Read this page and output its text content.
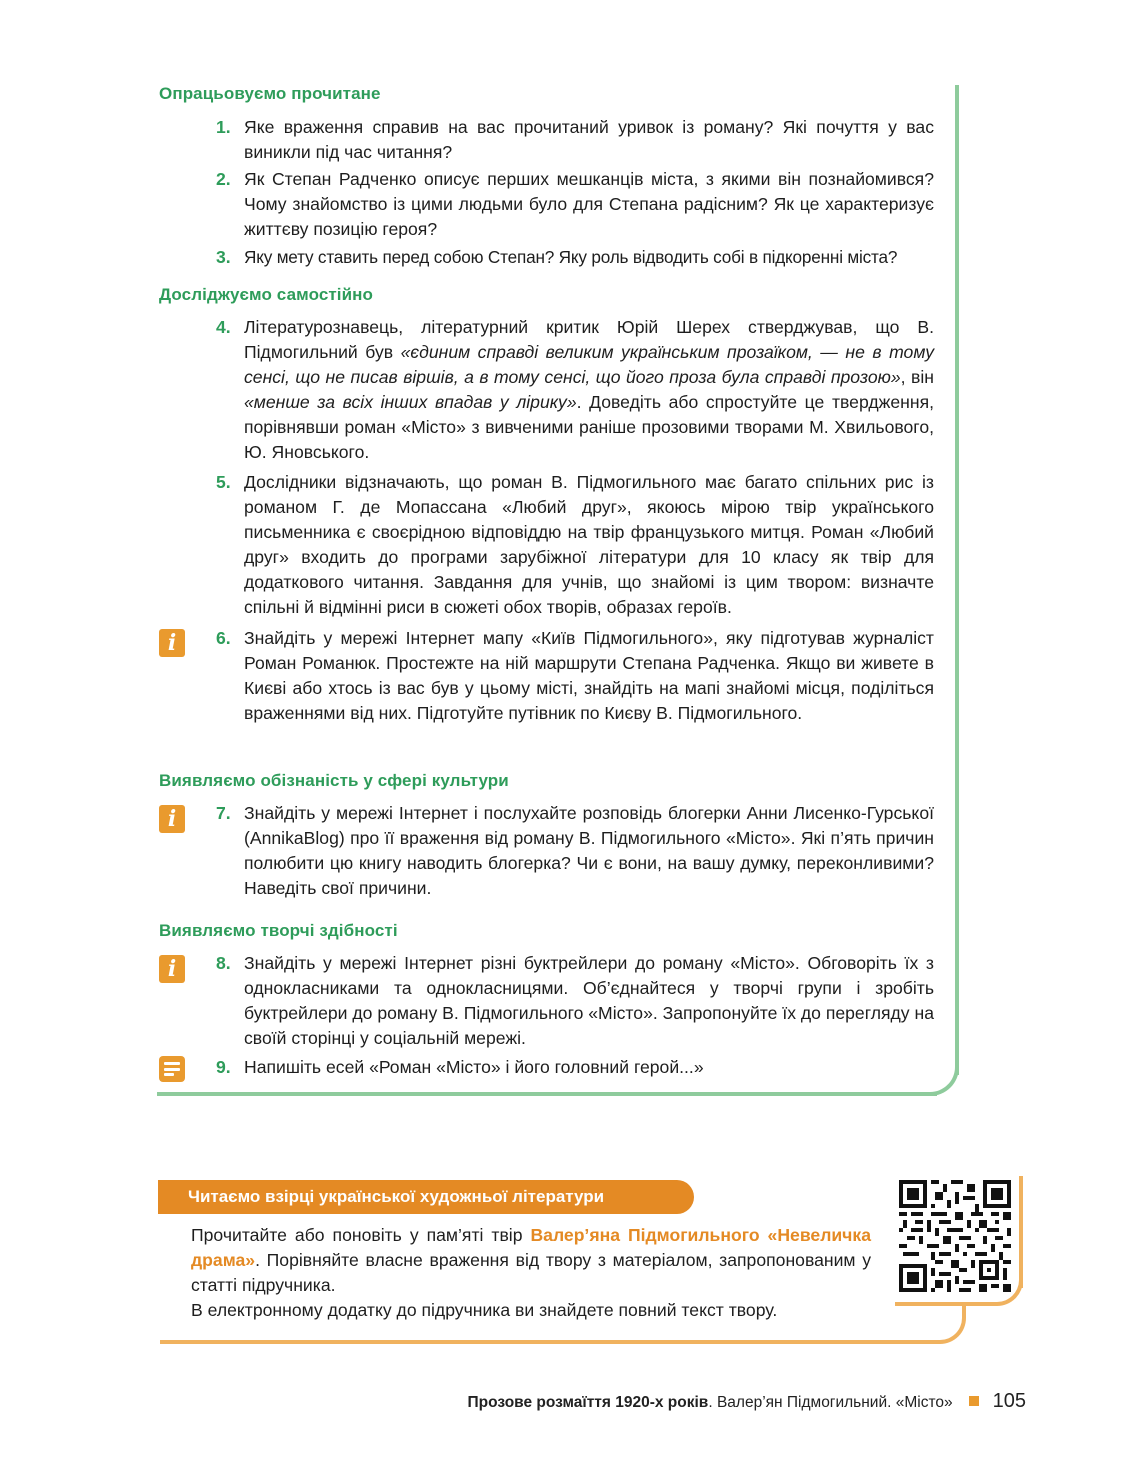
Опрацьовуємо прочитане
1. Яке враження справив на вас прочитаний уривок із роману? Які почуття у вас виникли під час читання?
2. Як Степан Радченко описує перших мешканців міста, з якими він познайомився? Чому знайомство із цими людьми було для Степана радісним? Як це характеризує життєву позицію героя?
3. Яку мету ставить перед собою Степан? Яку роль відводить собі в підкоренні міста?
Досліджуємо самостійно
4. Літературознавець, літературний критик Юрій Шерех стверджував, що В. Підмогильний був «єдиним справді великим українським прозаїком, — не в тому сенсі, що не писав віршів, а в тому сенсі, що його проза була справді прозою», він «менше за всіх інших впадав у лірику». Доведіть або спростуйте це твердження, порівнявши роман «Місто» з вивченими раніше прозовими творами М. Хвильового, Ю. Яновського.
5. Дослідники відзначають, що роман В. Підмогильного має багато спільних рис із романом Г. де Мопассана «Любий друг», якоюсь мірою твір українського письменника є своєрідною відповіддю на твір французького митця. Роман «Любий друг» входить до програми зарубіжної літератури для 10 класу як твір для додаткового читання. Завдання для учнів, що знайомі із цим твором: визначте спільні й відмінні риси в сюжеті обох творів, образах героїв.
i	6. Знайдіть у мережі Інтернет мапу «Київ Підмогильного», яку підготував журналіст Роман Романюк. Простежте на ній маршрути Степана Радченка. Якщо ви живете в Києві або хтось із вас був у цьому місті, знайдіть на мапі знайомі місця, поділіться враженнями від них. Підготуйте путівник по Києву В. Підмогильного.
Виявляємо обізнаність у сфері культури
i	7. Знайдіть у мережі Інтернет і послухайте розповідь блогерки Анни Лисенко-Гурської (AnnikaBlog) про її враження від роману В. Підмогильного «Місто». Які п’ять причин полюбити цю книгу наводить блогерка? Чи є вони, на вашу думку, переконливими? Наведіть свої причини.
Виявляємо творчі здібності
i	8. Знайдіть у мережі Інтернет різні буктрейлери до роману «Місто». Обговоріть їх з однокласниками та однокласницями. Об’єднайтеся у творчі групи і зробіть буктрейлери до роману В. Підмогильного «Місто». Запропонуйте їх до перегляду на своїй сторінці у соціальній мережі.
9. Напишіть есей «Роман «Місто» і його головний герой...»
Читаємо взірці української художньої літератури
Прочитайте або поновіть у пам’яті твір Валер’яна Підмогильного «Невеличка драма». Порівняйте власне враження від твору з матеріалом, запропонованим у статті підручника.
В електронному додатку до підручника ви знайдете повний текст твору.
Прозове розмаїття 1920-х років. Валер’ян Підмогильний. «Місто» 105
